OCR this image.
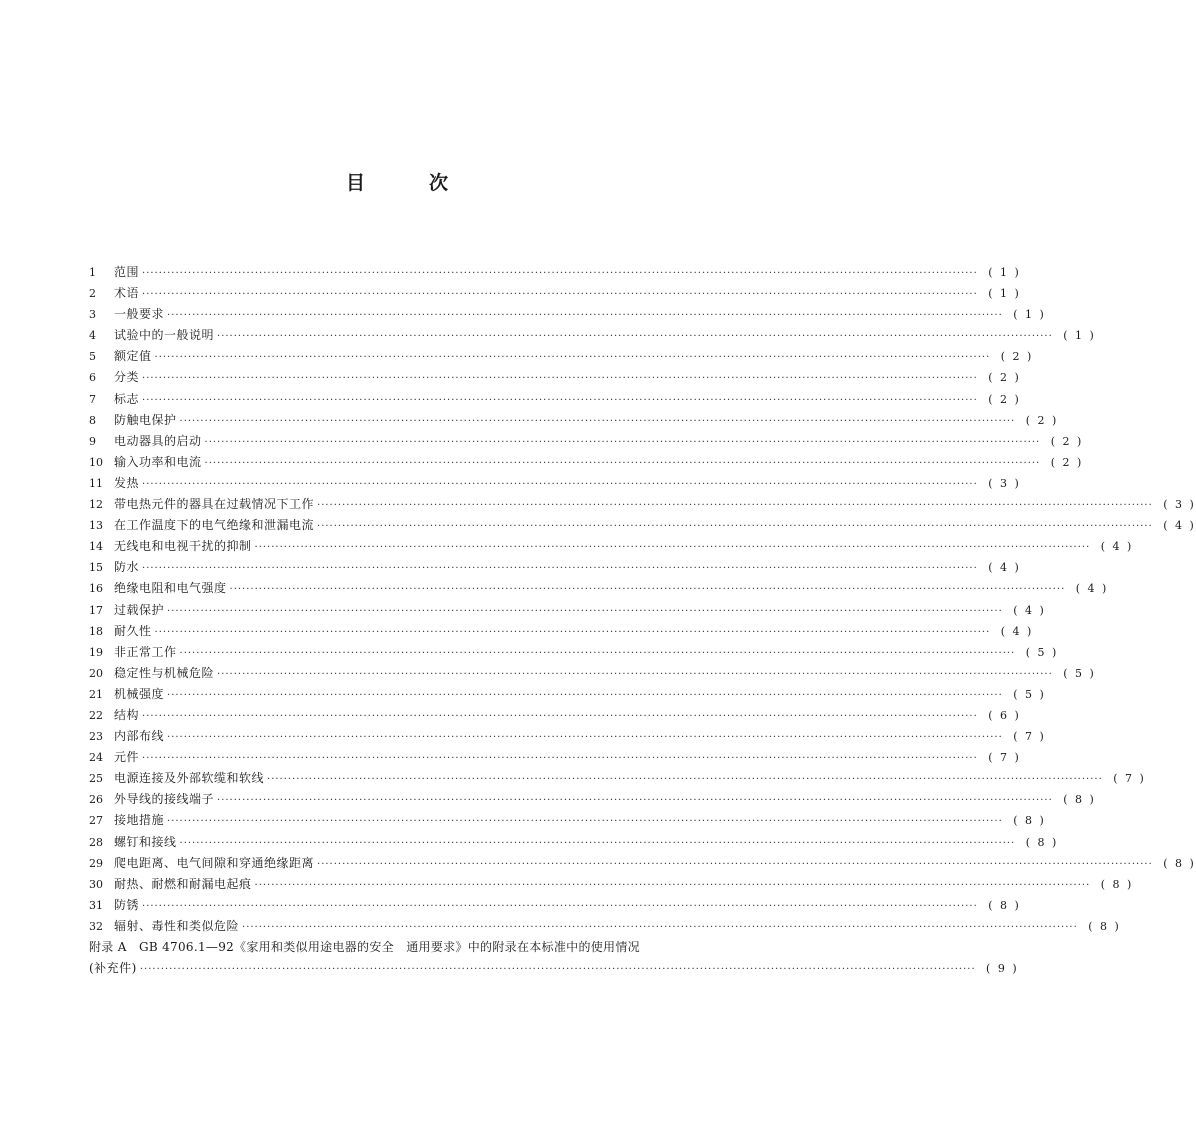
目	次
1	范围 ········································································································································································································ ( 1 )
2	术语 ········································································································································································································ ( 1 )
3	一般要求 ········································································································································································································ ( 1 )
4	试验中的一般说明 ········································································································································································································ ( 1 )
5	额定值 ········································································································································································································ ( 2 )
6	分类 ········································································································································································································ ( 2 )
7	标志 ········································································································································································································ ( 2 )
8	防触电保护 ········································································································································································································ ( 2 )
9	电动器具的启动 ········································································································································································································ ( 2 )
10 输入功率和电流 ········································································································································································································ ( 2 )
11 发热 ········································································································································································································ ( 3 )
12 带电热元件的器具在过载情况下工作 ········································································································································································································ ( 3 )
13 在工作温度下的电气绝缘和泄漏电流 ········································································································································································································ ( 4 )
14 无线电和电视干扰的抑制 ········································································································································································································ ( 4 )
15 防水 ········································································································································································································ ( 4 )
16 绝缘电阻和电气强度 ········································································································································································································ ( 4 )
17 过载保护 ········································································································································································································ ( 4 )
18 耐久性 ········································································································································································································ ( 4 )
19 非正常工作 ········································································································································································································ ( 5 )
20 稳定性与机械危险 ········································································································································································································ ( 5 )
21 机械强度 ········································································································································································································ ( 5 )
22 结构 ········································································································································································································ ( 6 )
23 内部布线 ········································································································································································································ ( 7 )
24 元件 ········································································································································································································ ( 7 )
25 电源连接及外部软缆和软线 ········································································································································································································ ( 7 )
26 外导线的接线端子 ········································································································································································································ ( 8 )
27 接地措施 ········································································································································································································ ( 8 )
28 螺钉和接线 ········································································································································································································ ( 8 )
29 爬电距离、电气间隙和穿通绝缘距离 ········································································································································································································ ( 8 )
30 耐热、耐燃和耐漏电起痕 ········································································································································································································ ( 8 )
31 防锈 ········································································································································································································ ( 8 )
32 辐射、毒性和类似危险 ········································································································································································································ ( 8 )
附录 A　GB 4706.1—92《家用和类似用途电器的安全　通用要求》中的附录在本标准中的使用情况
(补充件) ········································································································································································································ ( 9 )
